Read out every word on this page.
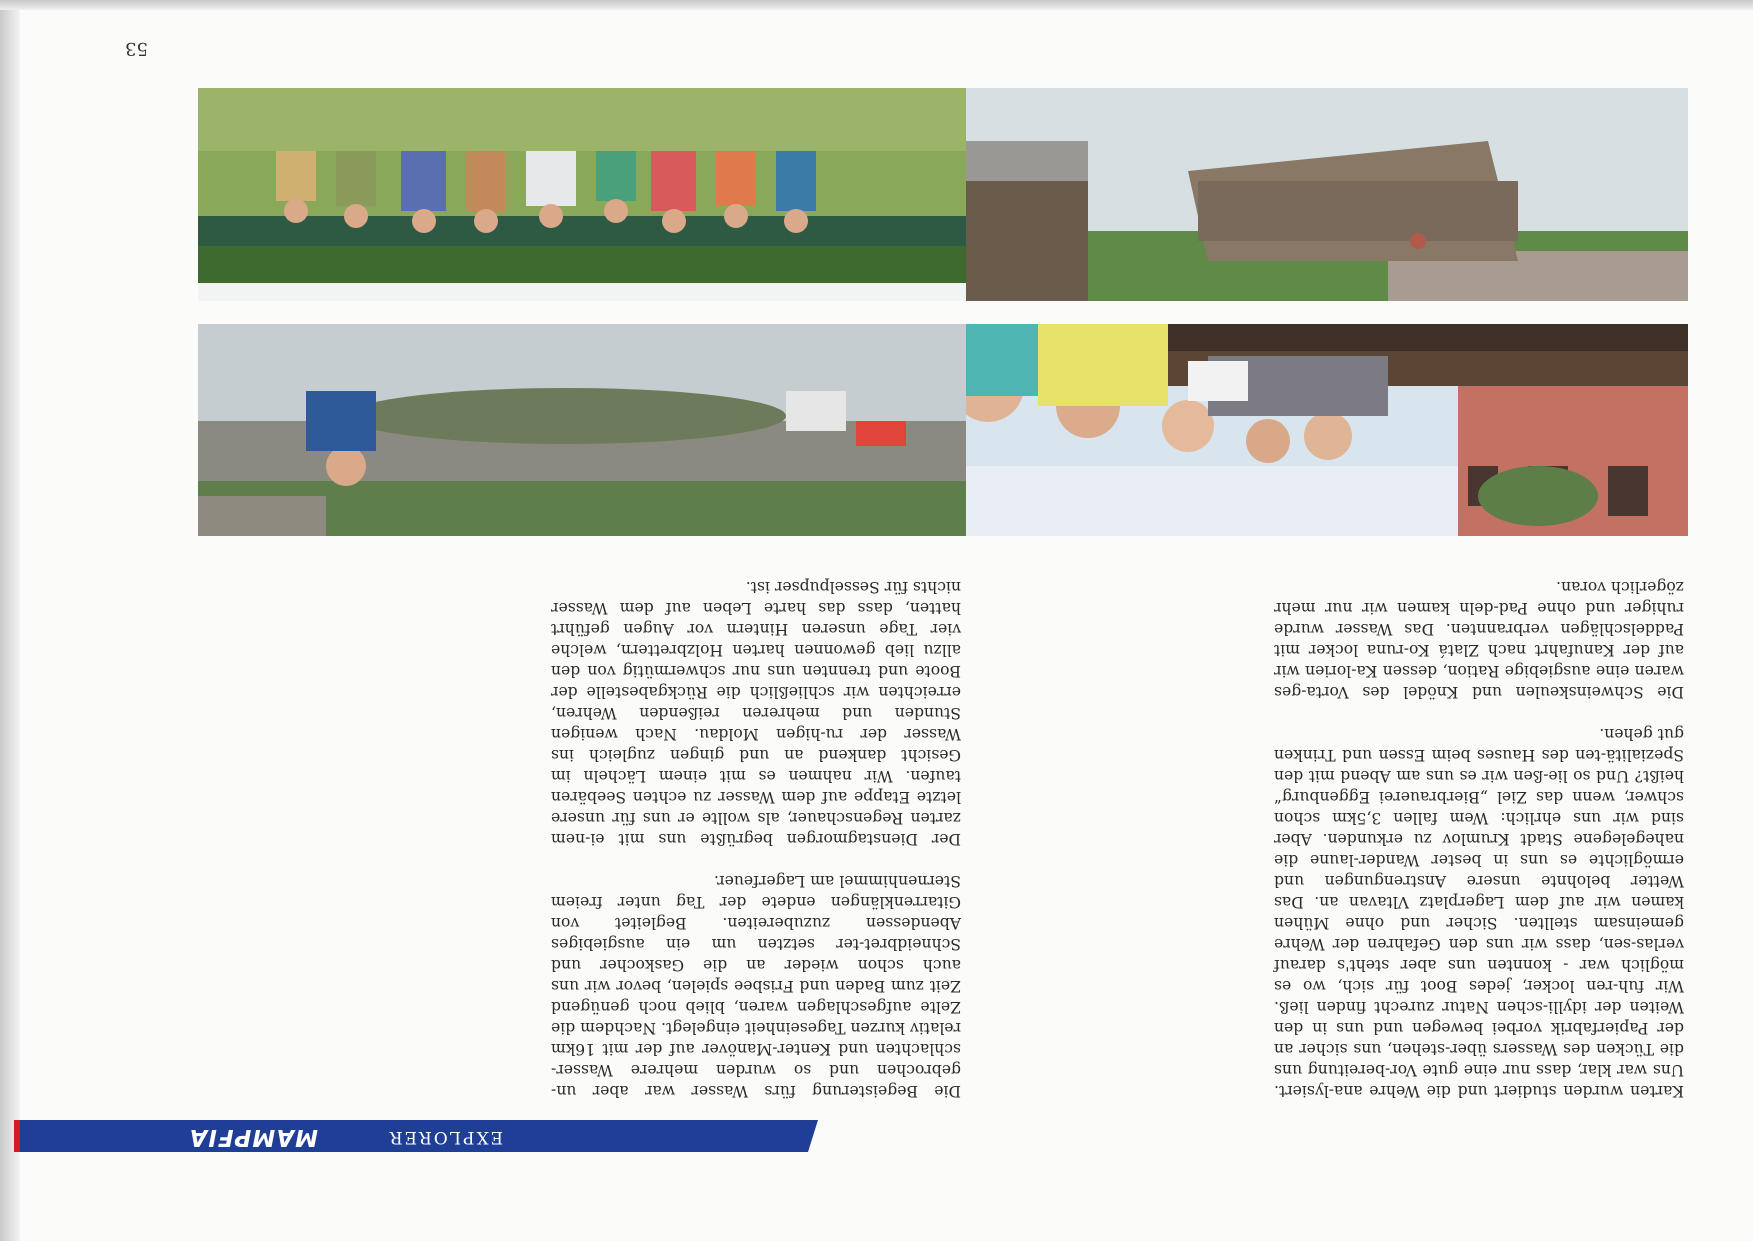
EXPLORER
MAMPFIA

Karten wurden studiert und die Wehre ana-lysiert. Uns war klar, dass nur eine gute Vor-bereitung uns die Tücken des Wassers über-stehen, uns sicher an der Papierfabrik vorbei bewegen und uns in den Weiten der idylli-schen Natur zurecht finden ließ. Wir fuh-ren locker, jedes Boot für sich, wo es möglich war - konnten uns aber steht's darauf verlas-sen, dass wir uns den Gefahren der Wehre gemeinsam stellten. Sicher und ohne Mühen kamen wir auf dem Lagerplatz Vltavan an. Das Wetter belohnte unsere Anstrengungen und ermöglichte es uns in bester Wander-laune die nahegelegene Stadt Krumlov zu erkunden. Aber sind wir uns ehrlich: Wem fallen 3,5km schon schwer, wenn das Ziel „Bierbrauerei Eggenburg“ heißt? Und so lie-ßen wir es uns am Abend mit den Spezialitä-ten des Hauses beim Essen und Trinken gut gehen.

Die Schweinskeulen und Knödel des Vorta-ges waren eine ausgiebige Ration, dessen Ka-lorien wir auf der Kanufahrt nach Zlatá Ko-runa locker mit Paddelschlägen verbrannten. Das Wasser wurde ruhiger und ohne Pad-deln kamen wir nur mehr zögerlich voran.

Die Begeisterung fürs Wasser war aber un-gebrochen und so wurden mehrere Wasser-schlachten und Kenter-Manöver auf der mit 16km relativ kurzen Tageseinheit eingelegt. Nachdem die Zelte aufgeschlagen waren, blieb noch genügend Zeit zum Baden und Frisbee spielen, bevor wir uns auch schon wieder an die Gaskocher und Schneidbret-ter setzten um ein ausgiebiges Abendessen zuzubereiten. Begleitet von Gitarrenklängen endete der Tag unter freiem Sternenhimmel am Lagerfeuer.

Der Dienstagmorgen begrüßte uns mit ei-nem zarten Regenschauer, als wollte er uns für unsere letzte Etappe auf dem Wasser zu echten Seebären taufen. Wir nahmen es mit einem Lächeln im Gesicht dankend an und gingen zugleich ins Wasser der ru-higen Moldau. Nach wenigen Stunden und mehreren reißenden Wehren, erreichten wir schließlich die Rückgabestelle der Boote und trennten uns nur schwermütig von den allzu lieb gewonnen harten Holzbrettern, welche vier Tage unseren Hintern vor Augen geführt hatten, dass das harte Leben auf dem Wasser nichts für Sesselpupser ist.

53
